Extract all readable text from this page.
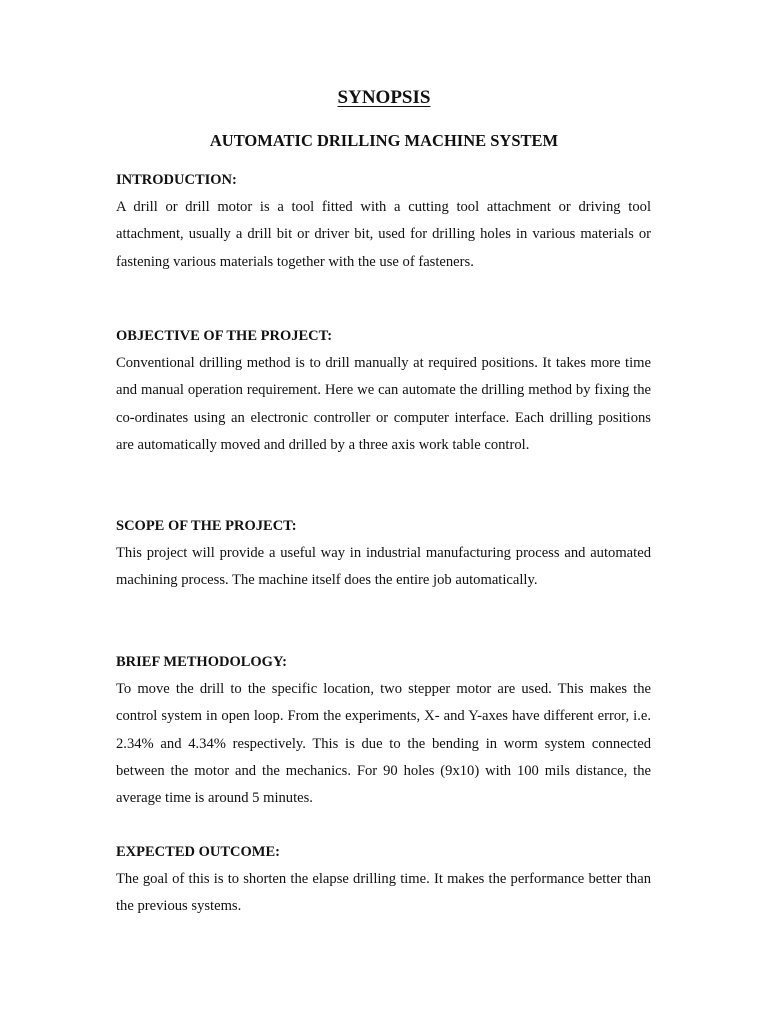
SYNOPSIS
AUTOMATIC DRILLING MACHINE SYSTEM
INTRODUCTION:

A drill or drill motor is a tool fitted with a cutting tool attachment or driving tool attachment, usually a drill bit or driver bit, used for drilling holes in various materials or fastening various materials together with the use of fasteners.

OBJECTIVE OF THE PROJECT:

Conventional drilling method is to drill manually at required positions. It takes more time and manual operation requirement. Here we can automate the drilling method by fixing the co-ordinates using an electronic controller or computer interface. Each drilling positions are automatically moved and drilled by a three axis work table control.

SCOPE OF THE PROJECT:

This project will provide a useful way in industrial manufacturing process and automated machining process. The machine itself does the entire job automatically.

BRIEF METHODOLOGY:

To move the drill to the specific location, two stepper motor are used. This makes the control system in open loop. From the experiments, X- and Y-axes have different error, i.e. 2.34% and 4.34% respectively. This is due to the bending in worm system connected between the motor and the mechanics. For 90 holes (9x10) with 100 mils distance, the average time is around 5 minutes.

EXPECTED OUTCOME:

The goal of this is to shorten the elapse drilling time. It makes the performance better than the previous systems.
